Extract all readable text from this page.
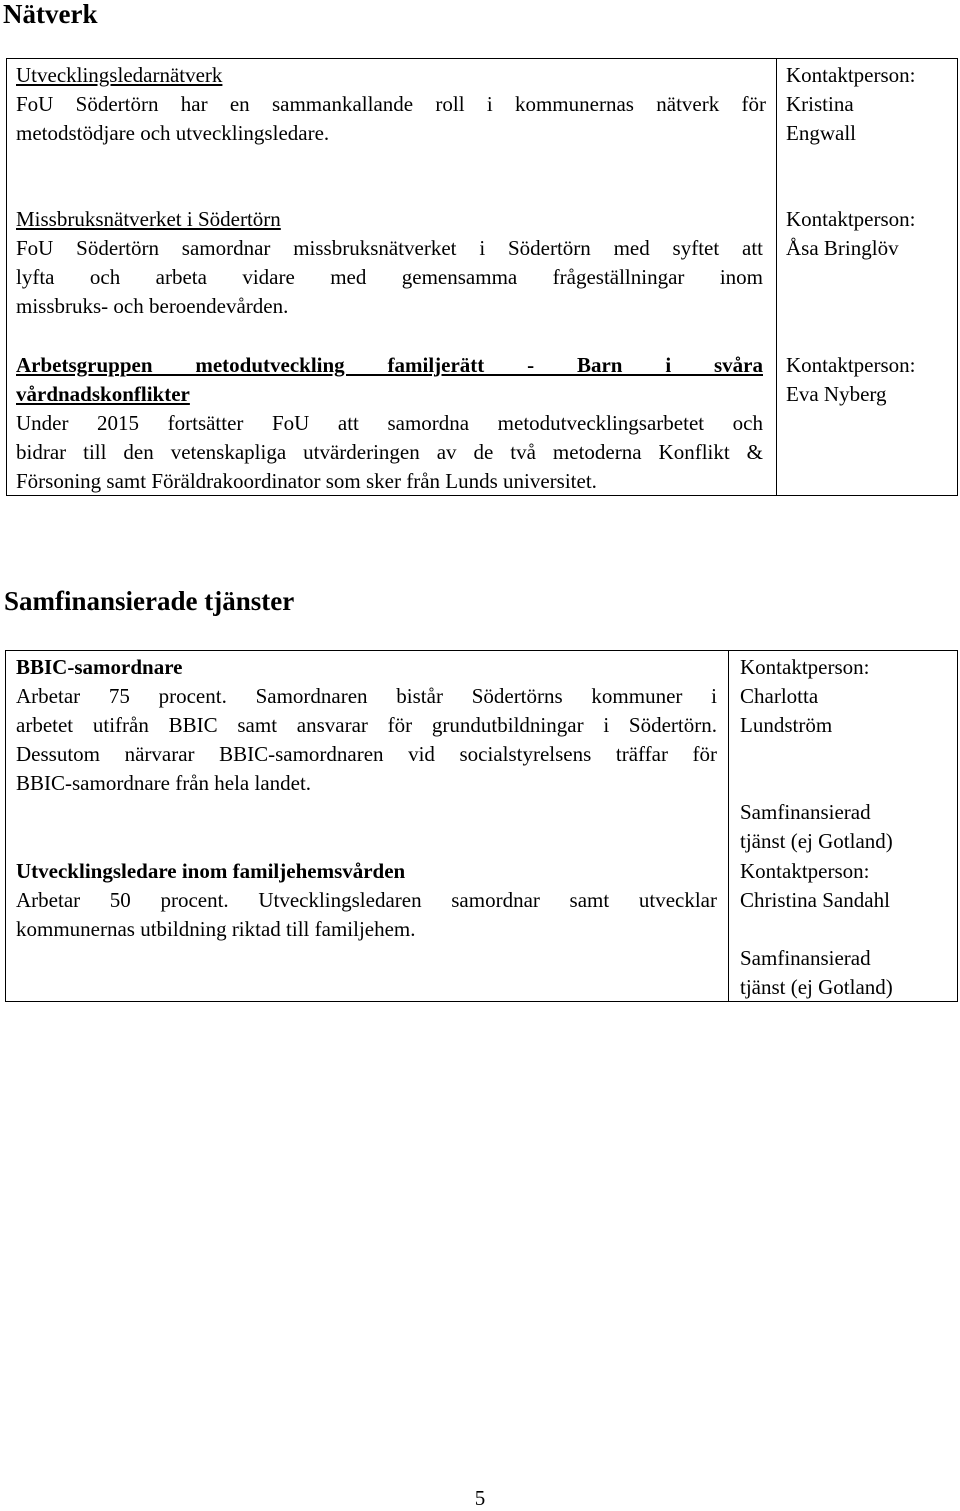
Nätverk
Utvecklingsledarnätverk
FoU Södertörn har en sammankallande roll i kommunernas nätverk för
metodstödjare och utvecklingsledare.
Kontaktperson:
Kristina
Engwall
Missbruksnätverket i Södertörn
FoU Södertörn samordnar missbruksnätverket i Södertörn med syftet att
lyfta och arbeta vidare med gemensamma frågeställningar inom
missbruks- och beroendevården.
Kontaktperson:
Åsa Bringlöv
Arbetsgruppen metodutveckling familjerätt - Barn i svåra
vårdnadskonflikter
Under 2015 fortsätter FoU att samordna metodutvecklingsarbetet och
bidrar till den vetenskapliga utvärderingen av de två metoderna Konflikt &
Försoning samt Föräldrakoordinator som sker från Lunds universitet.
Kontaktperson:
Eva Nyberg
Samfinansierade tjänster
BBIC-samordnare
Arbetar 75 procent. Samordnaren bistår Södertörns kommuner i
arbetet utifrån BBIC samt ansvarar för grundutbildningar i Södertörn.
Dessutom närvarar BBIC-samordnaren vid socialstyrelsens träffar för
BBIC-samordnare från hela landet.
Kontaktperson:
Charlotta
Lundström
Samfinansierad
tjänst (ej Gotland)
Utvecklingsledare inom familjehemsvården
Arbetar 50 procent. Utvecklingsledaren samordnar samt utvecklar
kommunernas utbildning riktad till familjehem.
Kontaktperson:
Christina Sandahl
Samfinansierad
tjänst (ej Gotland)
5
